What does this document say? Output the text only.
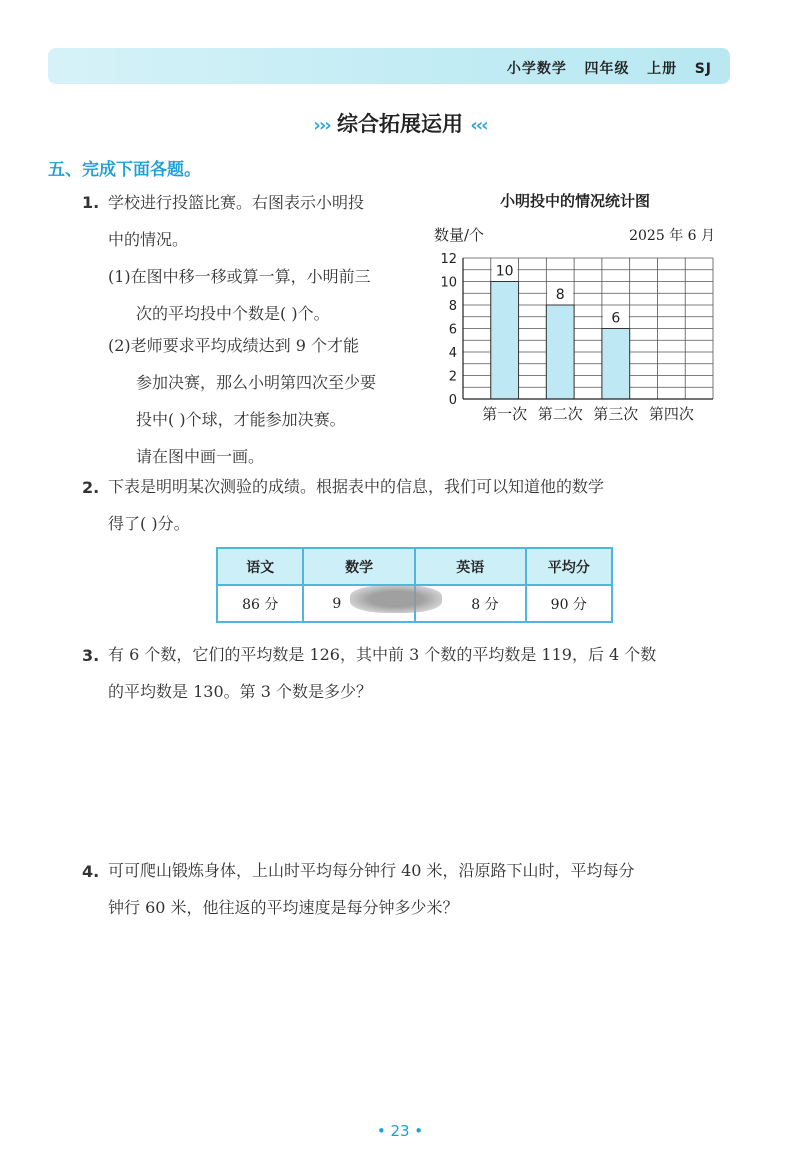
小学数学   四年级   上册   SJ
››› 综合拓展运用 ‹‹‹
五、完成下面各题。
1. 学校进行投篮比赛。右图表示小明投
中的情况。
(1)在图中移一移或算一算，小明前三
次的平均投中个数是( )个。
(2)老师要求平均成绩达到 9 个才能
参加决赛，那么小明第四次至少要
投中( )个球，才能参加决赛。
请在图中画一画。
小明投中的情况统计图
数量/个	2025 年 6 月
0
2
4
6
8
10
12
10
第一次
8
第二次
6
第三次 第四次
2. 下表是明明某次测验的成绩。根据表中的信息，我们可以知道他的数学
得了( )分。
语文	数学	英语	平均分
86 分	9	8 分	90 分
3. 有 6 个数，它们的平均数是 126，其中前 3 个数的平均数是 119，后 4 个数
的平均数是 130。第 3 个数是多少？
4. 可可爬山锻炼身体，上山时平均每分钟行 40 米，沿原路下山时，平均每分
钟行 60 米，他往返的平均速度是每分钟多少米？
• 23 •
